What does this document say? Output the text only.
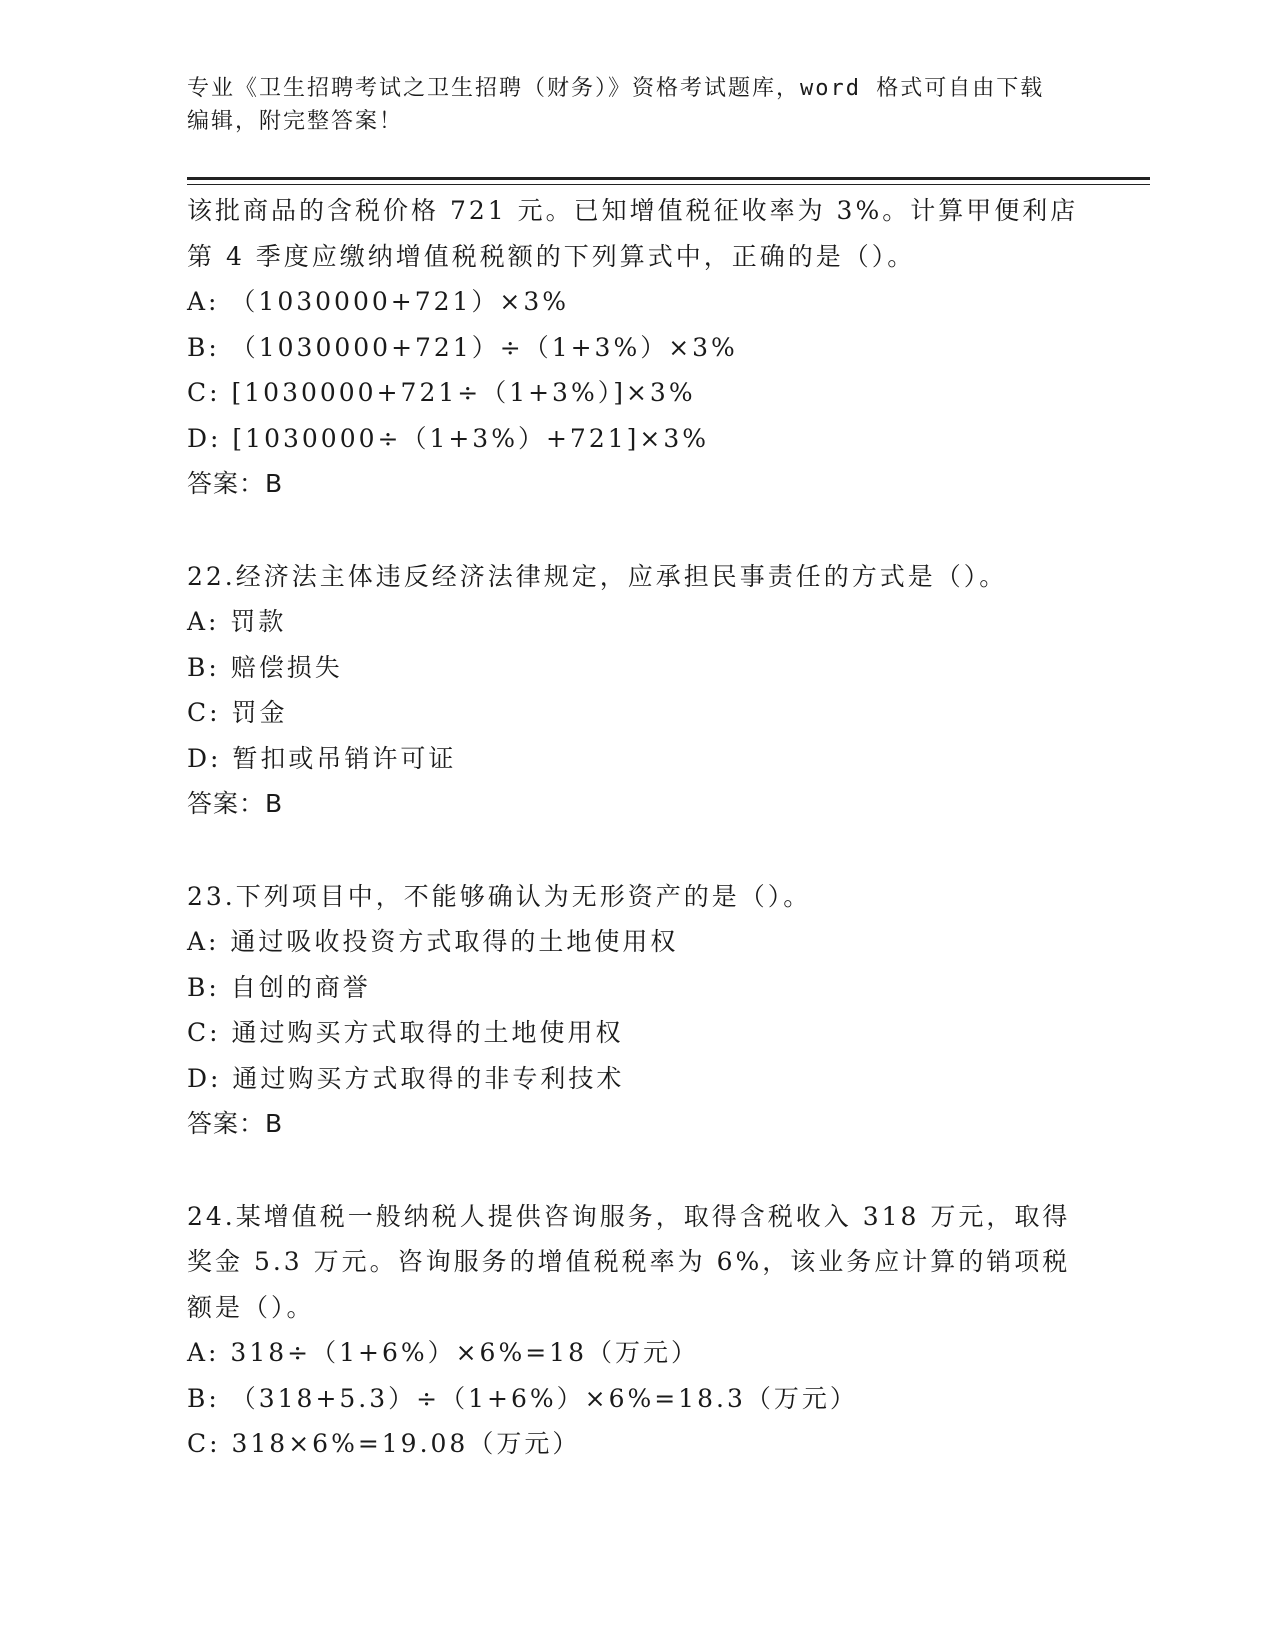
专业《卫生招聘考试之卫生招聘（财务）》资格考试题库，word 格式可自由下载
编辑，附完整答案！
该批商品的含税价格 721 元。已知增值税征收率为 3%。计算甲便利店
第 4 季度应缴纳增值税税额的下列算式中，正确的是（）。
A: （1030000+721）×3%
B: （1030000+721）÷（1+3%）×3%
C: [1030000+721÷（1+3%）]×3%
D: [1030000÷（1+3%）+721]×3%
答案：B
22.经济法主体违反经济法律规定，应承担民事责任的方式是（）。
A: 罚款
B: 赔偿损失
C: 罚金
D: 暂扣或吊销许可证
答案：B
23.下列项目中，不能够确认为无形资产的是（）。
A: 通过吸收投资方式取得的土地使用权
B: 自创的商誉
C: 通过购买方式取得的土地使用权
D: 通过购买方式取得的非专利技术
答案：B
24.某增值税一般纳税人提供咨询服务，取得含税收入 318 万元，取得
奖金 5.3 万元。咨询服务的增值税税率为 6%，该业务应计算的销项税
额是（）。
A: 318÷（1+6%）×6%=18（万元）
B: （318+5.3）÷（1+6%）×6%=18.3（万元）
C: 318×6%=19.08（万元）
